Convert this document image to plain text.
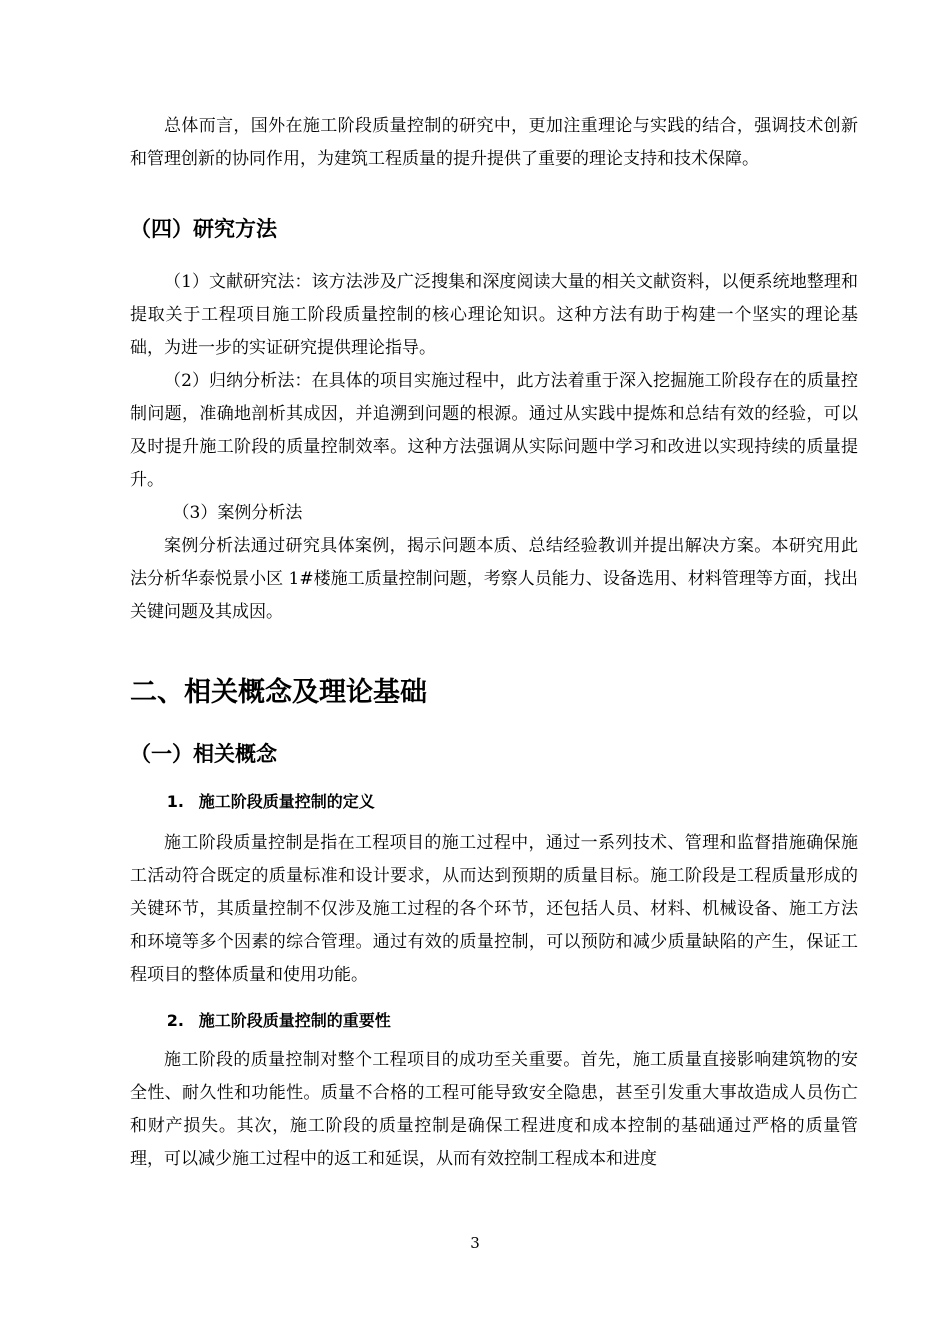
总体而言，国外在施工阶段质量控制的研究中，更加注重理论与实践的结合，强调技术创新和管理创新的协同作用，为建筑工程质量的提升提供了重要的理论支持和技术保障。

（四）研究方法

（1）文献研究法：该方法涉及广泛搜集和深度阅读大量的相关文献资料，以便系统地整理和提取关于工程项目施工阶段质量控制的核心理论知识。这种方法有助于构建一个坚实的理论基础，为进一步的实证研究提供理论指导。

（2）归纳分析法：在具体的项目实施过程中，此方法着重于深入挖掘施工阶段存在的质量控制问题，准确地剖析其成因，并追溯到问题的根源。通过从实践中提炼和总结有效的经验，可以及时提升施工阶段的质量控制效率。这种方法强调从实际问题中学习和改进以实现持续的质量提升。

（3）案例分析法

案例分析法通过研究具体案例，揭示问题本质、总结经验教训并提出解决方案。本研究用此法分析华泰悦景小区 1#楼施工质量控制问题，考察人员能力、设备选用、材料管理等方面，找出关键问题及其成因。

二、相关概念及理论基础
（一）相关概念
1. 施工阶段质量控制的定义

施工阶段质量控制是指在工程项目的施工过程中，通过一系列技术、管理和监督措施确保施工活动符合既定的质量标准和设计要求，从而达到预期的质量目标。施工阶段是工程质量形成的关键环节，其质量控制不仅涉及施工过程的各个环节，还包括人员、材料、机械设备、施工方法和环境等多个因素的综合管理。通过有效的质量控制，可以预防和减少质量缺陷的产生，保证工程项目的整体质量和使用功能。

2. 施工阶段质量控制的重要性

施工阶段的质量控制对整个工程项目的成功至关重要。首先，施工质量直接影响建筑物的安全性、耐久性和功能性。质量不合格的工程可能导致安全隐患，甚至引发重大事故造成人员伤亡和财产损失。其次，施工阶段的质量控制是确保工程进度和成本控制的基础通过严格的质量管理，可以减少施工过程中的返工和延误，从而有效控制工程成本和进度

3
